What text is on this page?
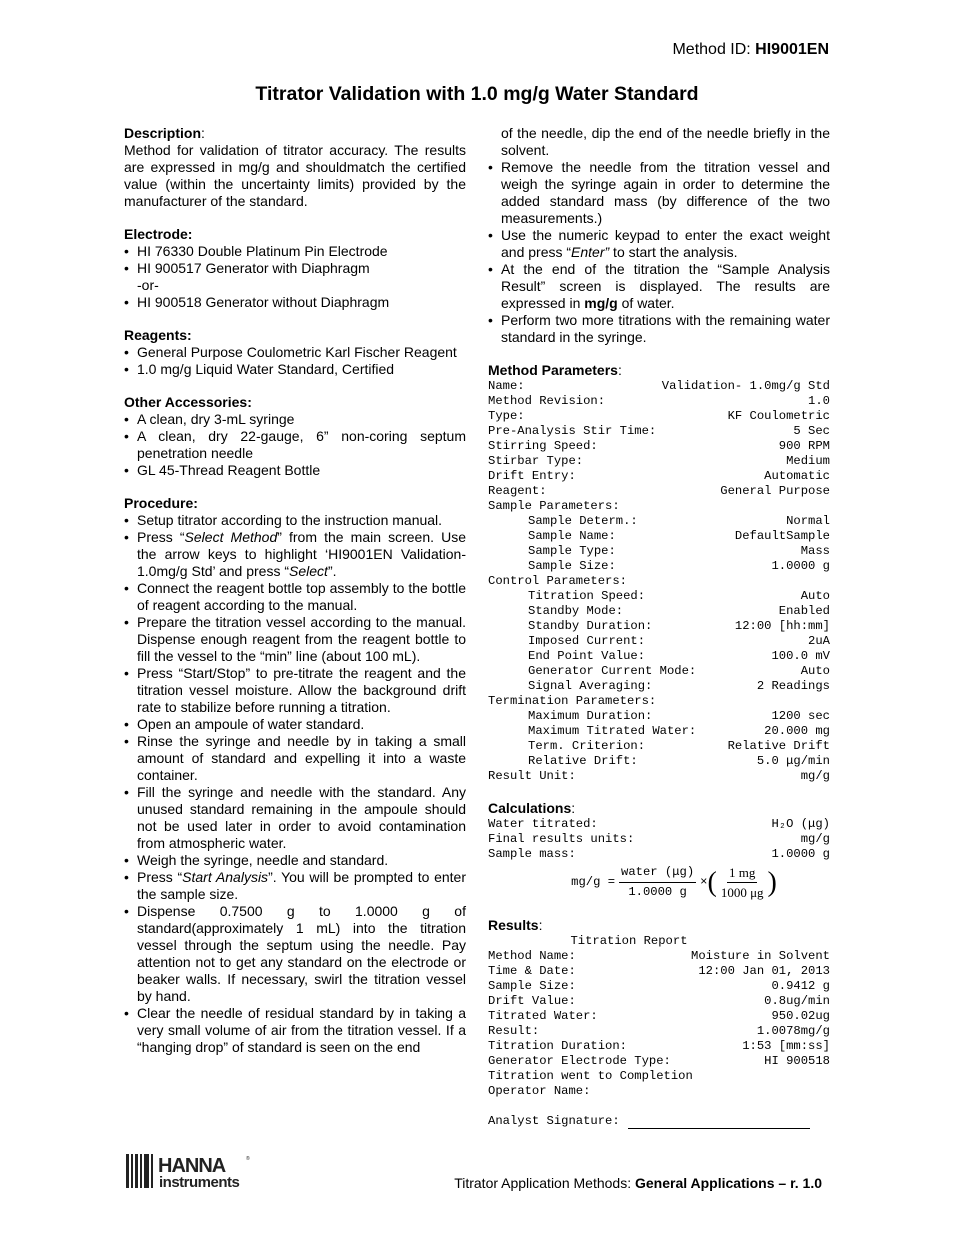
Method ID: HI9001EN
Titrator Validation with 1.0 mg/g Water Standard
Description:
Method for validation of titrator accuracy. The results are expressed in mg/g and shouldmatch the certified value (within the uncertainty limits) provided by the manufacturer of the standard.
Electrode:
• HI 76330 Double Platinum Pin Electrode
• HI 900517 Generator with Diaphragm
-or-
• HI 900518 Generator without Diaphragm
Reagents:
• General Purpose Coulometric Karl Fischer Reagent
• 1.0 mg/g Liquid Water Standard, Certified
Other Accessories:
• A clean, dry 3-mL syringe
• A clean, dry 22-gauge, 6” non-coring septum penetration needle
• GL 45-Thread Reagent Bottle
Procedure:
• Setup titrator according to the instruction manual.
• Press “Select Method” from the main screen. Use the arrow keys to highlight ‘HI9001EN Validation-1.0mg/g Std’ and press “Select”.
• Connect the reagent bottle top assembly to the bottle of reagent according to the manual.
• Prepare the titration vessel according to the manual. Dispense enough reagent from the reagent bottle to fill the vessel to the “min” line (about 100 mL).
• Press “Start/Stop” to pre-titrate the reagent and the titration vessel moisture. Allow the background drift rate to stabilize before running a titration.
• Open an ampoule of water standard.
• Rinse the syringe and needle by in taking a small amount of standard and expelling it into a waste container.
• Fill the syringe and needle with the standard. Any unused standard remaining in the ampoule should not be used later in order to avoid contamination from atmospheric water.
• Weigh the syringe, needle and standard.
• Press “Start Analysis”. You will be prompted to enter the sample size.
• Dispense 0.7500 g to 1.0000 g of standard(approximately 1 mL) into the titration vessel through the septum using the needle. Pay attention not to get any standard on the electrode or beaker walls. If necessary, swirl the titration vessel by hand.
• Clear the needle of residual standard by in taking a very small volume of air from the titration vessel. If a “hanging drop” of standard is seen on the end
of the needle, dip the end of the needle briefly in the solvent.
• Remove the needle from the titration vessel and weigh the syringe again in order to determine the added standard mass (by difference of the two measurements.)
• Use the numeric keypad to enter the exact weight and press “Enter” to start the analysis.
• At the end of the titration the “Sample Analysis Result” screen is displayed. The results are expressed in mg/g of water.
• Perform two more titrations with the remaining water standard in the syringe.
Method Parameters:
Name:	Validation- 1.0mg/g Std
Method Revision:	1.0
Type:	KF Coulometric
Pre-Analysis Stir Time:	5 Sec
Stirring Speed:	900 RPM
Stirbar Type:	Medium
Drift Entry:	Automatic
Reagent:	General Purpose
Sample Parameters:
Sample Determ.:	Normal
Sample Name:	DefaultSample
Sample Type:	Mass
Sample Size:	1.0000 g
Control Parameters:
Titration Speed:	Auto
Standby Mode:	Enabled
Standby Duration:	12:00 [hh:mm]
Imposed Current:	2uA
End Point Value:	100.0 mV
Generator Current Mode:	Auto
Signal Averaging:	2 Readings
Termination Parameters:
Maximum Duration:	1200 sec
Maximum Titrated Water:	20.000 mg
Term. Criterion:	Relative Drift
Relative Drift:	5.0 μg/min
Result Unit:	mg/g
Calculations:
Water titrated:	H₂O (μg)
Final results units:	mg/g
Sample mass:	1.0000 g
$mg/g = \frac{\text{water (μg)}}{1.0000 g}$ × ( $\frac{1 mg}{1000 \mu g}$ )
Results:
Titration Report
Method Name:	Moisture in Solvent
Time & Date:	12:00 Jan 01, 2013
Sample Size:	0.9412 g
Drift Value:	0.8ug/min
Titrated Water:	950.02ug
Result:	1.0078mg/g
Titration Duration:	1:53 [mm:ss]
Generator Electrode Type:	HI 900518
Titration went to Completion
Operator Name:
Analyst Signature:
HANNA	®
instruments	Titrator Application Methods: General Applications – r. 1.0
